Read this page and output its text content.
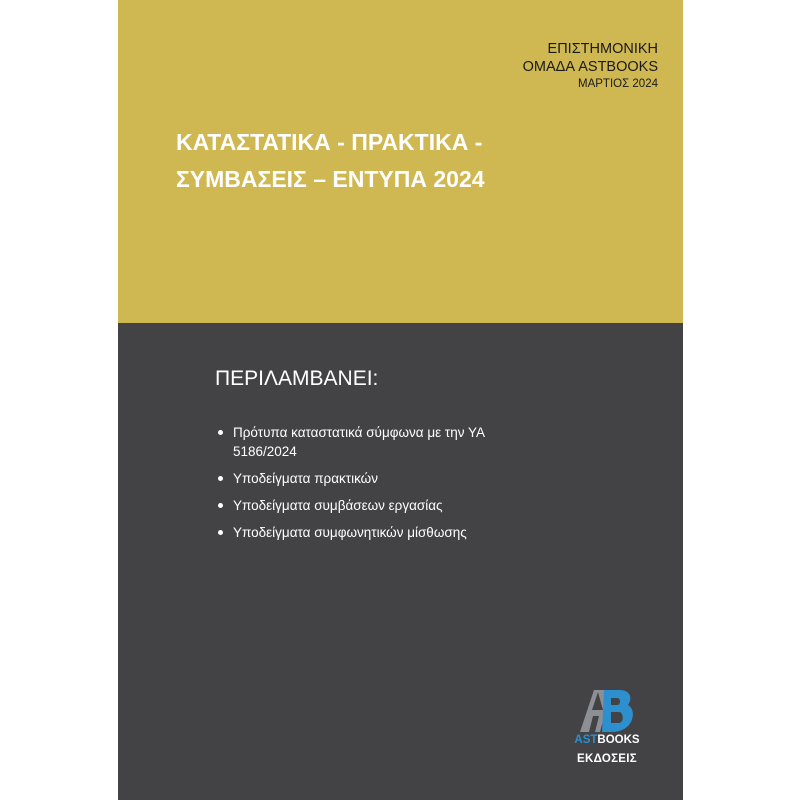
ΕΠΙΣΤΗΜΟΝΙΚΗ
ΟΜΑΔΑ ASTBOOKS
ΜΑΡΤΙΟΣ 2024
ΚΑΤΑΣΤΑΤΙΚΑ - ΠΡΑΚΤΙΚΑ -
ΣΥΜΒΑΣΕΙΣ – ΕΝΤΥΠΑ 2024
ΠΕΡΙΛΑΜΒΑΝΕΙ:
Πρότυπα καταστατικά σύμφωνα με την ΥΑ 5186/2024
Υποδείγματα πρακτικών
Υποδείγματα συμβάσεων εργασίας
Υποδείγματα συμφωνητικών μίσθωσης
ASTBOOKS
ΕΚΔΟΣΕΙΣ
